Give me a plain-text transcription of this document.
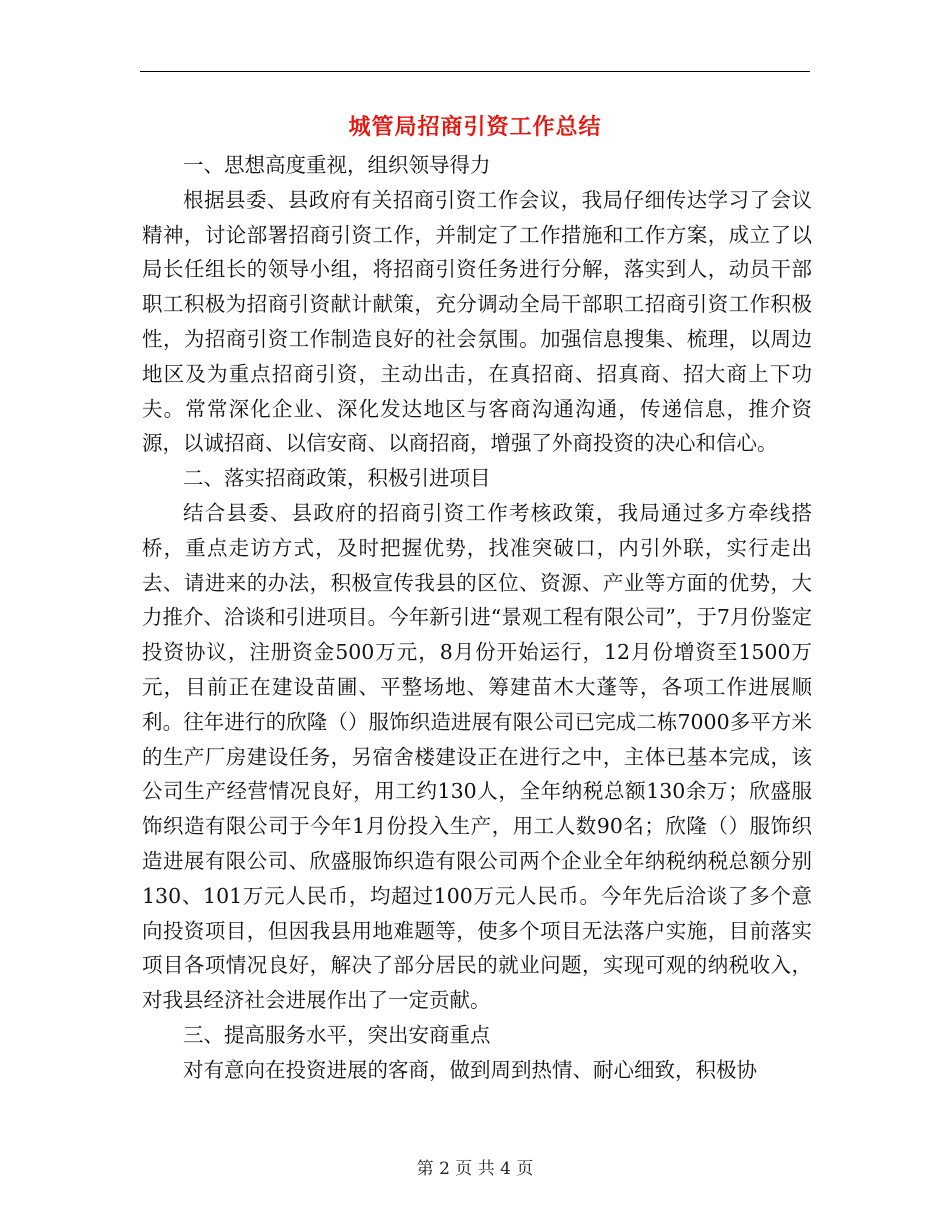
城管局招商引资工作总结

一、思想高度重视，组织领导得力

根据县委、县政府有关招商引资工作会议，我局仔细传达学习了会议精神，讨论部署招商引资工作，并制定了工作措施和工作方案，成立了以局长任组长的领导小组，将招商引资任务进行分解，落实到人，动员干部职工积极为招商引资献计献策，充分调动全局干部职工招商引资工作积极性，为招商引资工作制造良好的社会氛围。加强信息搜集、梳理，以周边地区及为重点招商引资，主动出击，在真招商、招真商、招大商上下功夫。常常深化企业、深化发达地区与客商沟通沟通，传递信息，推介资源，以诚招商、以信安商、以商招商，增强了外商投资的决心和信心。

二、落实招商政策，积极引进项目

结合县委、县政府的招商引资工作考核政策，我局通过多方牵线搭桥，重点走访方式，及时把握优势，找准突破口，内引外联，实行走出去、请进来的办法，积极宣传我县的区位、资源、产业等方面的优势，大力推介、洽谈和引进项目。今年新引进“景观工程有限公司”，于7月份鉴定投资协议，注册资金500万元，8月份开始运行，12月份增资至1500万元，目前正在建设苗圃、平整场地、筹建苗木大蓬等，各项工作进展顺利。往年进行的欣隆（）服饰织造进展有限公司已完成二栋7000多平方米的生产厂房建设任务，另宿舍楼建设正在进行之中，主体已基本完成，该公司生产经营情况良好，用工约130人，全年纳税总额130余万；欣盛服饰织造有限公司于今年1月份投入生产，用工人数90名；欣隆（）服饰织造进展有限公司、欣盛服饰织造有限公司两个企业全年纳税纳税总额分别130、101万元人民币，均超过100万元人民币。今年先后洽谈了多个意向投资项目，但因我县用地难题等，使多个项目无法落户实施，目前落实项目各项情况良好，解决了部分居民的就业问题，实现可观的纳税收入，对我县经济社会进展作出了一定贡献。

三、提高服务水平，突出安商重点

对有意向在投资进展的客商，做到周到热情、耐心细致，积极协

第 2 页 共 4 页
